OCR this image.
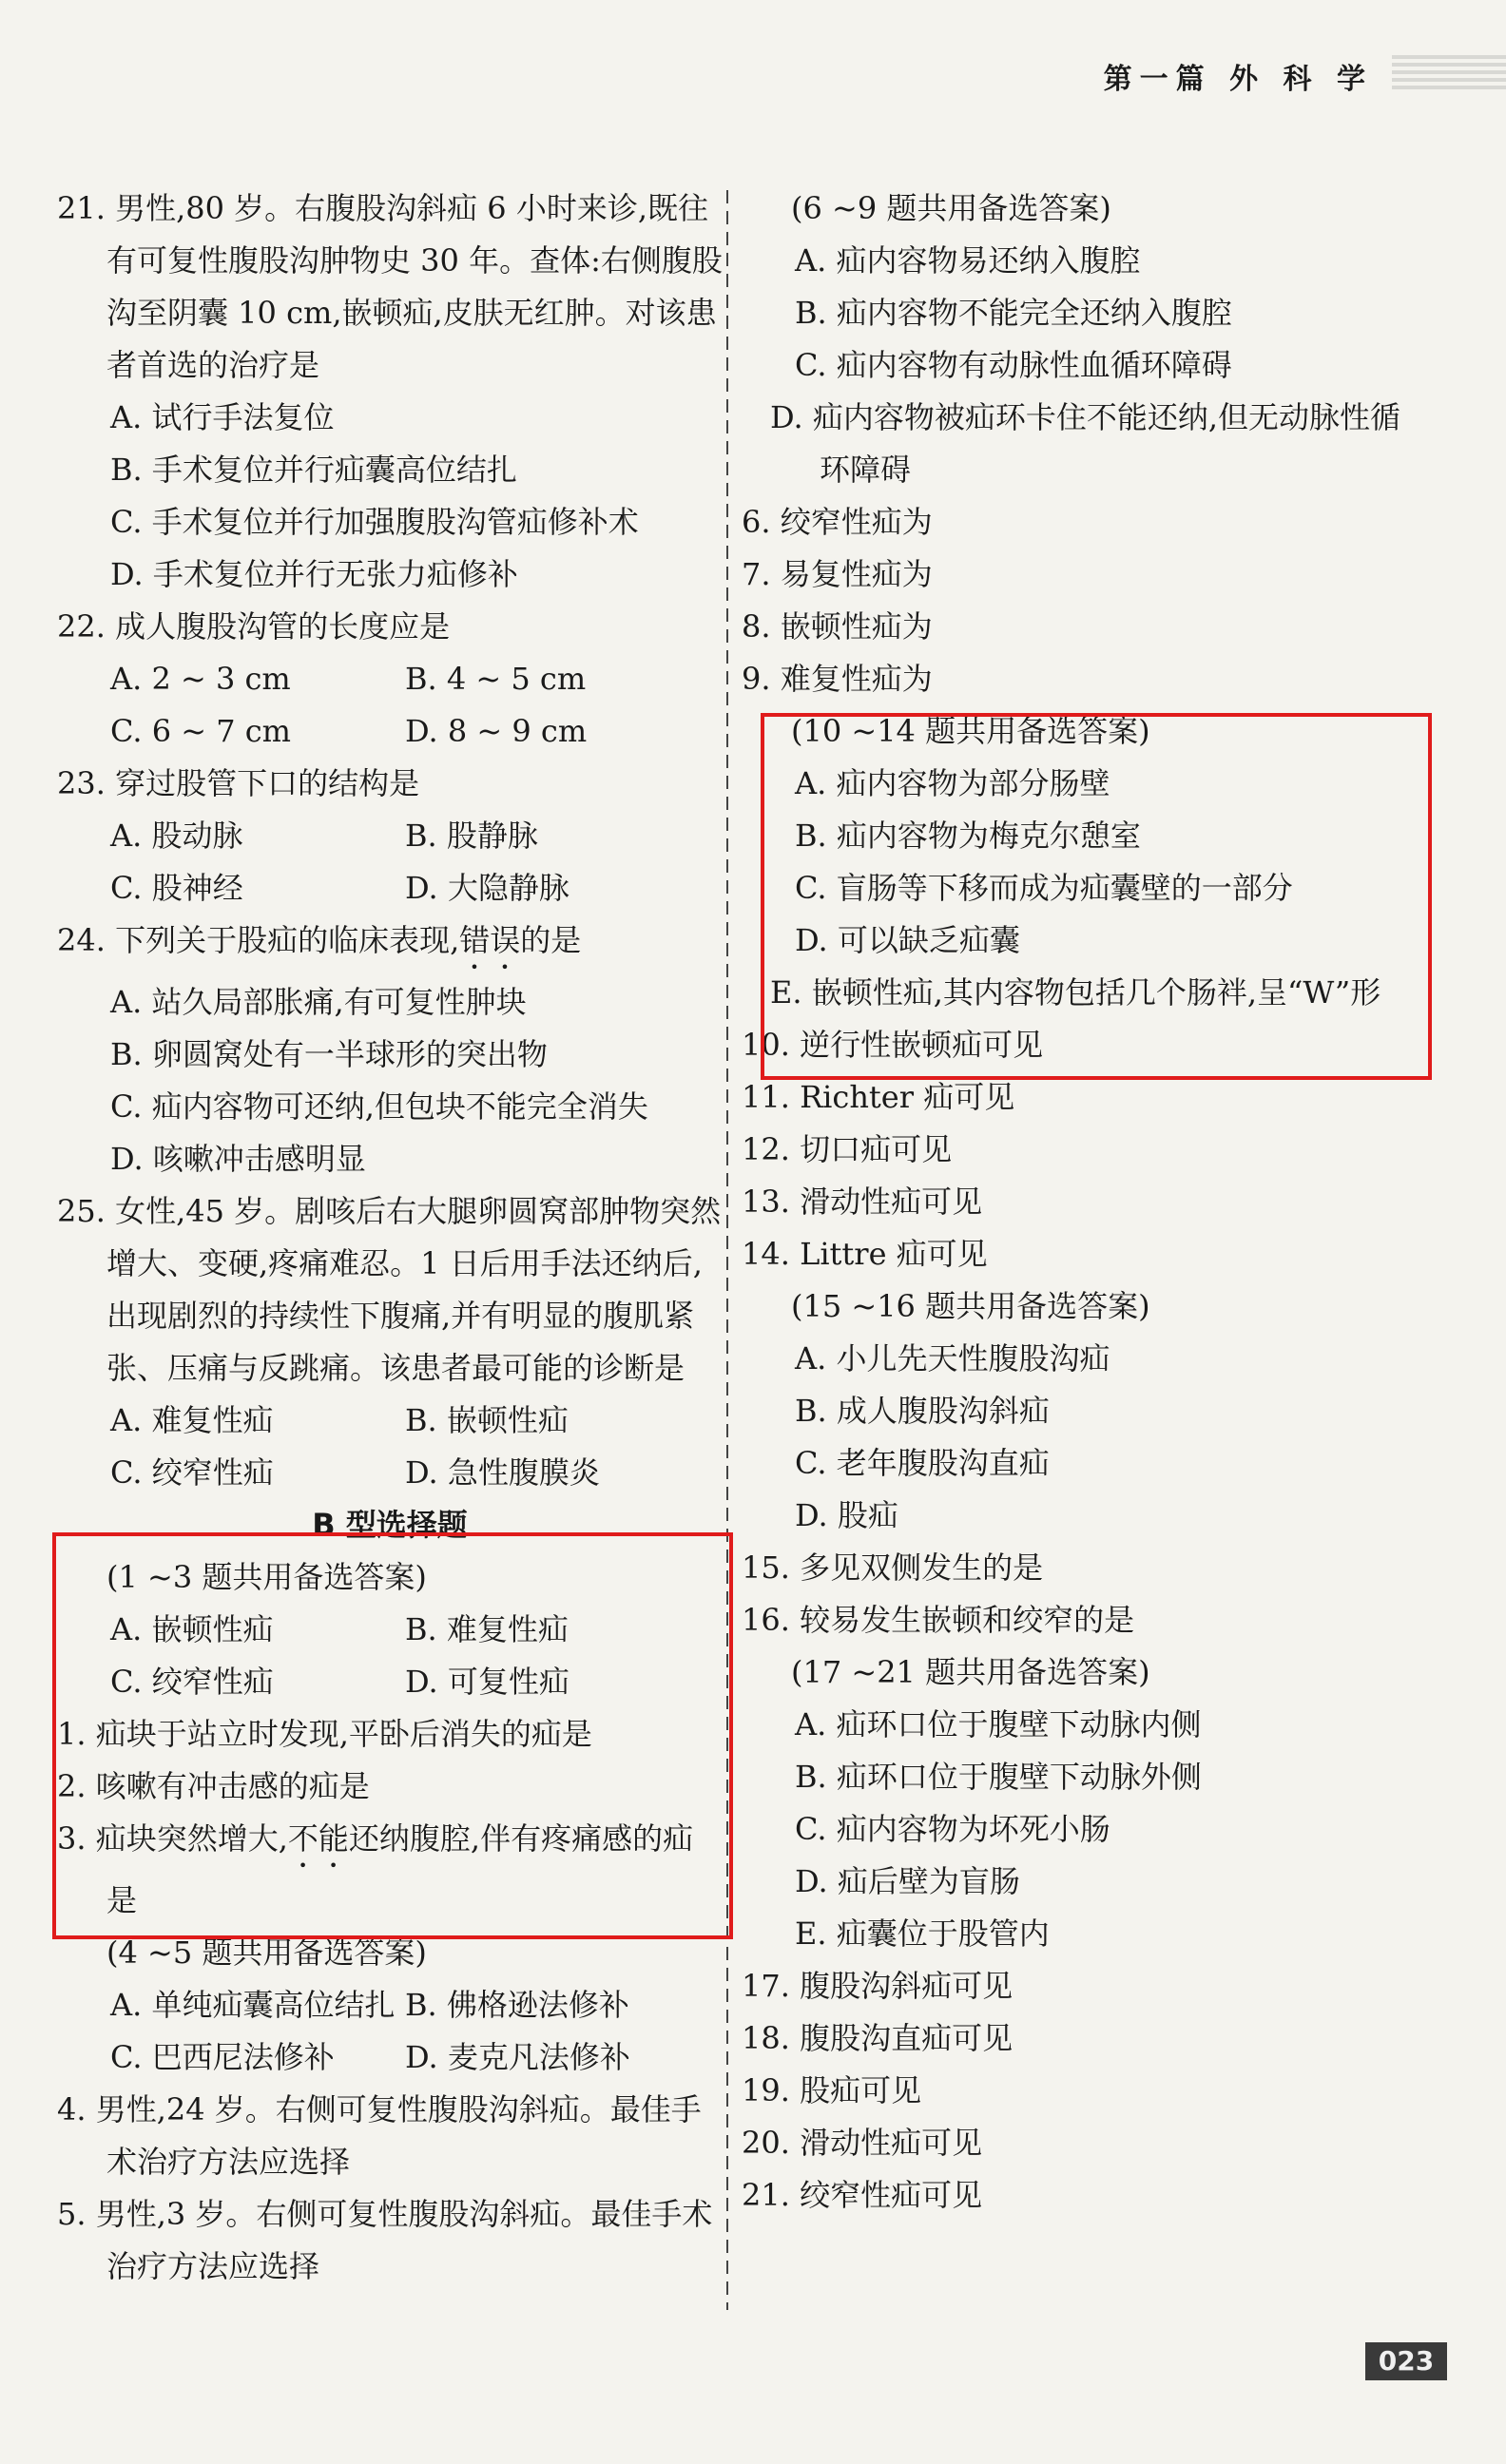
第一篇 外 科 学
21. 男性,80 岁。右腹股沟斜疝 6 小时来诊,既往有可复性腹股沟肿物史 30 年。查体:右侧腹股沟至阴囊 10 cm,嵌顿疝,皮肤无红肿。对该患者首选的治疗是
A. 试行手法复位
B. 手术复位并行疝囊高位结扎
C. 手术复位并行加强腹股沟管疝修补术
D. 手术复位并行无张力疝修补
22. 成人腹股沟管的长度应是
A. 2 ~ 3 cm	B. 4 ~ 5 cm
C. 6 ~ 7 cm	D. 8 ~ 9 cm
23. 穿过股管下口的结构是
A. 股动脉	B. 股静脉
C. 股神经	D. 大隐静脉
24. 下列关于股疝的临床表现,错误的是
A. 站久局部胀痛,有可复性肿块
B. 卵圆窝处有一半球形的突出物
C. 疝内容物可还纳,但包块不能完全消失
D. 咳嗽冲击感明显
25. 女性,45 岁。剧咳后右大腿卵圆窝部肿物突然增大、变硬,疼痛难忍。1 日后用手法还纳后,出现剧烈的持续性下腹痛,并有明显的腹肌紧张、压痛与反跳痛。该患者最可能的诊断是
A. 难复性疝	B. 嵌顿性疝
C. 绞窄性疝	D. 急性腹膜炎
B 型选择题
(1 ~3 题共用备选答案)
A. 嵌顿性疝	B. 难复性疝
C. 绞窄性疝	D. 可复性疝
1. 疝块于站立时发现,平卧后消失的疝是
2. 咳嗽有冲击感的疝是
3. 疝块突然增大,不能还纳腹腔,伴有疼痛感的疝是
(4 ~5 题共用备选答案)
A. 单纯疝囊高位结扎 B. 佛格逊法修补
C. 巴西尼法修补	D. 麦克凡法修补
4. 男性,24 岁。右侧可复性腹股沟斜疝。最佳手术治疗方法应选择
5. 男性,3 岁。右侧可复性腹股沟斜疝。最佳手术治疗方法应选择
(6 ~9 题共用备选答案)
A. 疝内容物易还纳入腹腔
B. 疝内容物不能完全还纳入腹腔
C. 疝内容物有动脉性血循环障碍
D. 疝内容物被疝环卡住不能还纳,但无动脉性循环障碍
6. 绞窄性疝为
7. 易复性疝为
8. 嵌顿性疝为
9. 难复性疝为
(10 ~14 题共用备选答案)
A. 疝内容物为部分肠壁
B. 疝内容物为梅克尔憩室
C. 盲肠等下移而成为疝囊壁的一部分
D. 可以缺乏疝囊
E. 嵌顿性疝,其内容物包括几个肠袢,呈“W”形
10. 逆行性嵌顿疝可见
11. Richter 疝可见
12. 切口疝可见
13. 滑动性疝可见
14. Littre 疝可见
(15 ~16 题共用备选答案)
A. 小儿先天性腹股沟疝
B. 成人腹股沟斜疝
C. 老年腹股沟直疝
D. 股疝
15. 多见双侧发生的是
16. 较易发生嵌顿和绞窄的是
(17 ~21 题共用备选答案)
A. 疝环口位于腹壁下动脉内侧
B. 疝环口位于腹壁下动脉外侧
C. 疝内容物为坏死小肠
D. 疝后壁为盲肠
E. 疝囊位于股管内
17. 腹股沟斜疝可见
18. 腹股沟直疝可见
19. 股疝可见
20. 滑动性疝可见
21. 绞窄性疝可见
023
